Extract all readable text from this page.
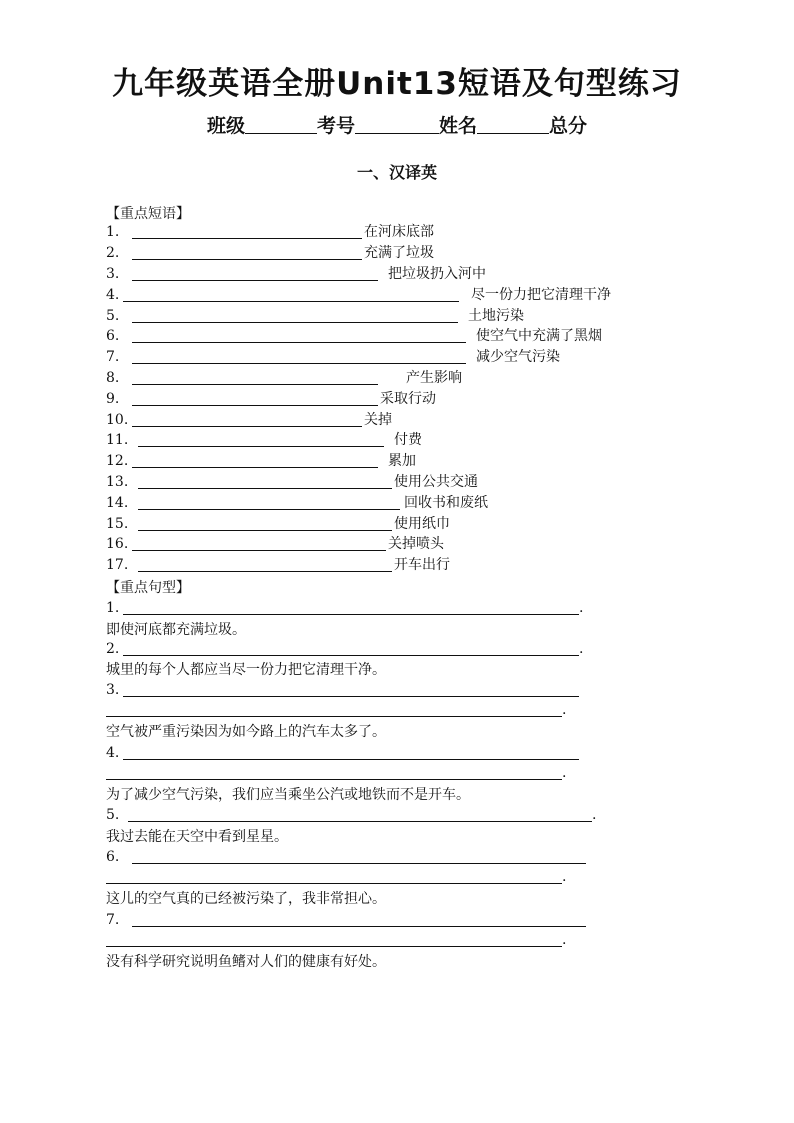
九年级英语全册Unit13短语及句型练习
班级	考号	姓名	总分
一、汉译英
【重点短语】
1.	在河床底部
2.	充满了垃圾
3.	把垃圾扔入河中
4.	尽一份力把它清理干净
5.	土地污染
6.	使空气中充满了黑烟
7.	减少空气污染
8.	产生影响
9.	采取行动
10.	关掉
11.	付费
12.	累加
13.	使用公共交通
14.	回收书和废纸
15.	使用纸巾
16.	关掉喷头
17.	开车出行
【重点句型】
1.	.
即使河底都充满垃圾。
2.	.
城里的每个人都应当尽一份力把它清理干净。
3.
.
空气被严重污染因为如今路上的汽车太多了。
4.
.
为了减少空气污染，我们应当乘坐公汽或地铁而不是开车。
5.	.
我过去能在天空中看到星星。
6.
.
这儿的空气真的已经被污染了，我非常担心。
7.
.
没有科学研究说明鱼鳍对人们的健康有好处。
